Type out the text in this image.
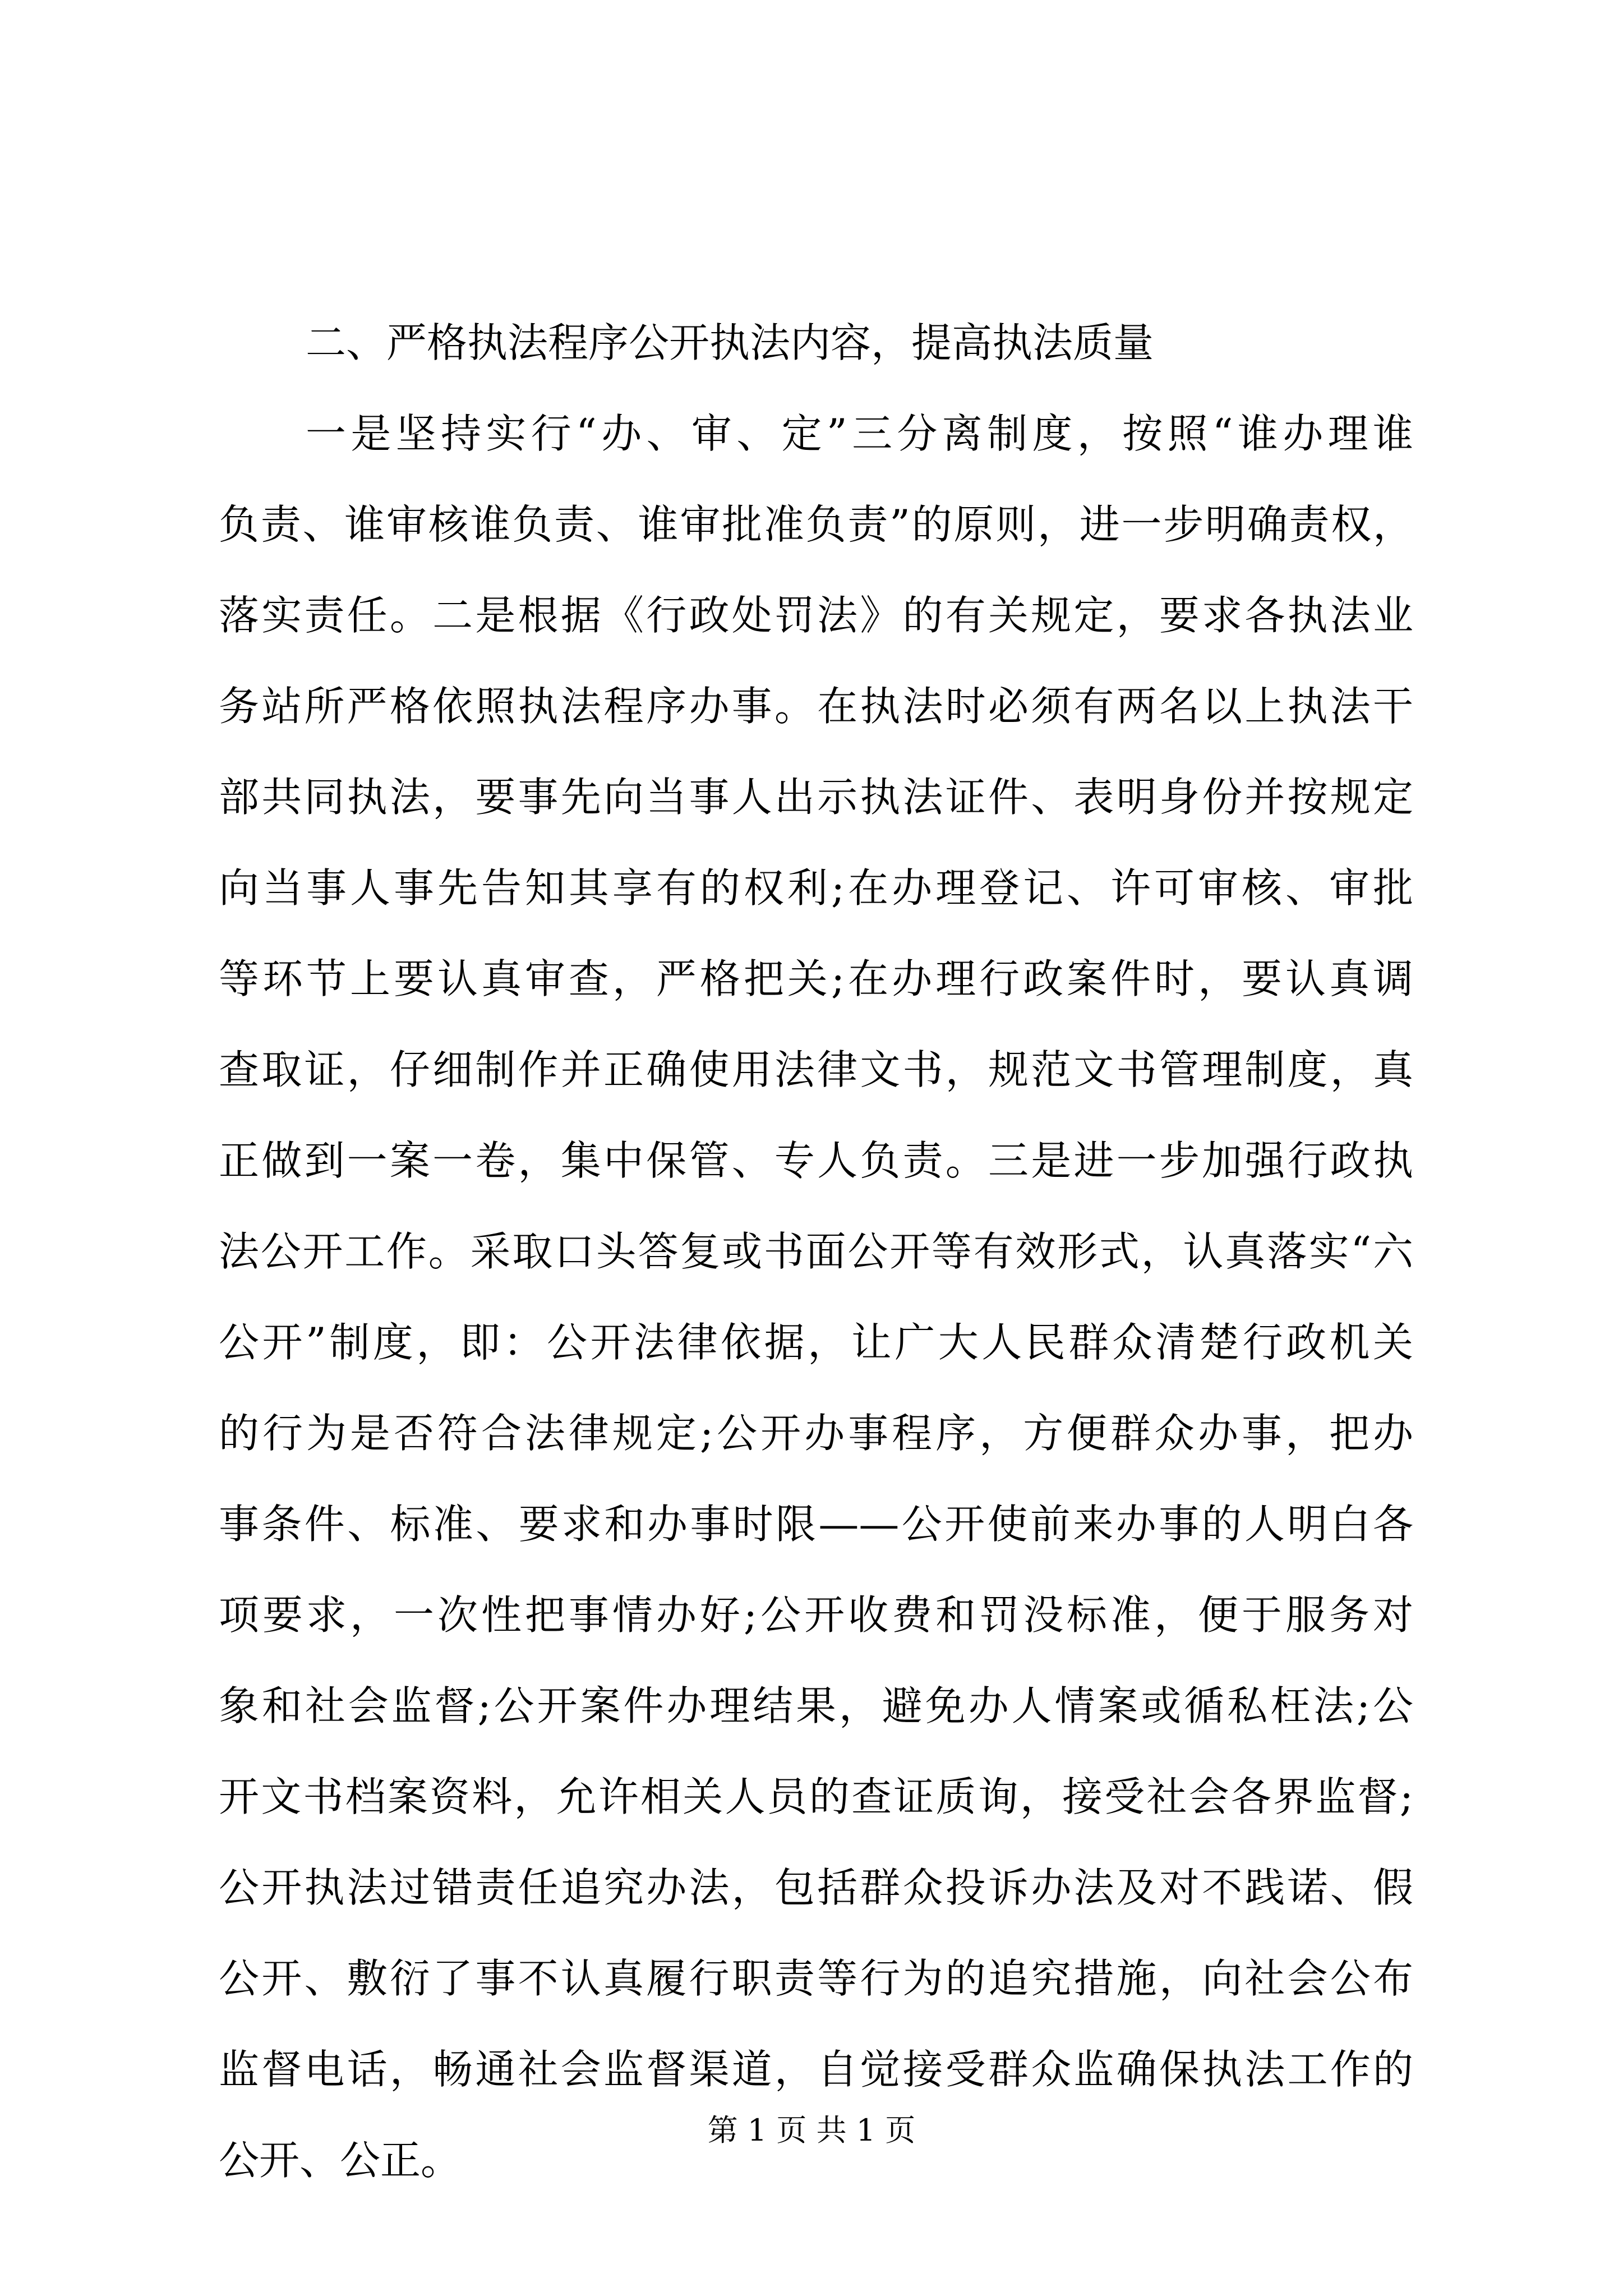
二、严格执法程序公开执法内容，提高执法质量
一是坚持实行“办、审、定”三分离制度，按照“谁办理谁
负责、谁审核谁负责、谁审批准负责”的原则，进一步明确责权，
落实责任。二是根据《行政处罚法》的有关规定，要求各执法业
务站所严格依照执法程序办事。在执法时必须有两名以上执法干
部共同执法，要事先向当事人出示执法证件、表明身份并按规定
向当事人事先告知其享有的权利;在办理登记、许可审核、审批
等环节上要认真审查，严格把关;在办理行政案件时，要认真调
查取证，仔细制作并正确使用法律文书，规范文书管理制度，真
正做到一案一卷，集中保管、专人负责。三是进一步加强行政执
法公开工作。采取口头答复或书面公开等有效形式，认真落实“六
公开”制度，即：公开法律依据，让广大人民群众清楚行政机关
的行为是否符合法律规定;公开办事程序，方便群众办事，把办
事条件、标准、要求和办事时限——公开使前来办事的人明白各
项要求，一次性把事情办好;公开收费和罚没标准，便于服务对
象和社会监督;公开案件办理结果，避免办人情案或循私枉法;公
开文书档案资料，允许相关人员的查证质询，接受社会各界监督;
公开执法过错责任追究办法，包括群众投诉办法及对不践诺、假
公开、敷衍了事不认真履行职责等行为的追究措施，向社会公布
监督电话，畅通社会监督渠道，自觉接受群众监确保执法工作的
公开、公正。
第 1 页 共 1 页
